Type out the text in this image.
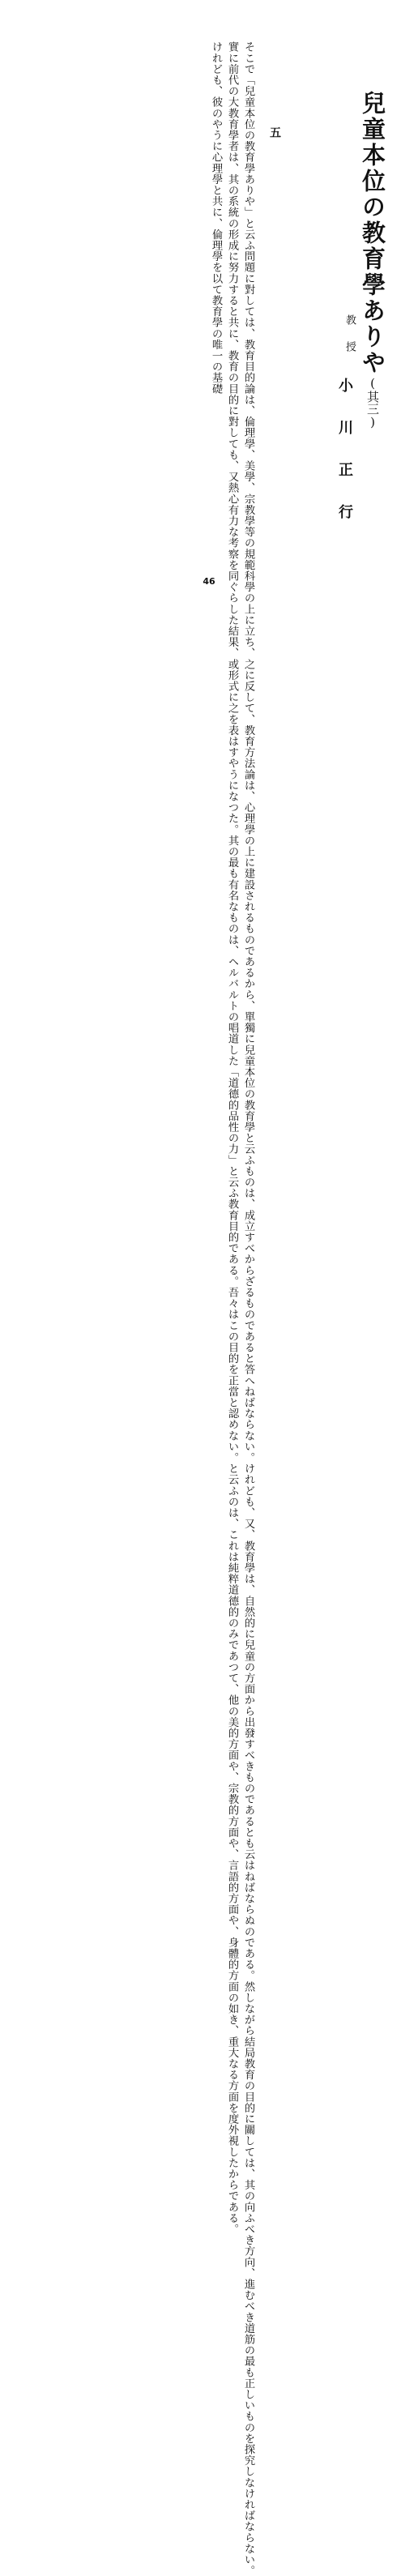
兒童本位の教育學ありや(其三)
教授
小川正行
五
そこで「兒童本位の教育學ありや」と云ふ問題に對しては、教育目的論は、倫理學、美學、宗教學等の規範科學の上に立ち、之に反して、教育方法論は、心理學の上に建設されるものであるから、單獨に兒童本位の教育學と云ふものは、成立すべからざるものであると答へねばならない。けれども、又、教育學は、自然的に兒童の方面から出發すべきものであるとも云はねばならぬのである。然しながら結局教育の目的に關しては、其の向ふべき方向、進むべき道筋の最も正しいものを探究しなければならない。
實に前代の大教育學者は、其の系統の形成に努力すると共に、教育の目的に對しても、又熱心有力な考察を同ぐらした結果、或形式に之を表はすやうになつた。其の最も有名なものは、ヘルバルトの唱道した「道德的品性の力」と云ふ教育目的である。吾々はこの目的を正當と認めない。と云ふのは、これは純粹道德的のみであつて、他の美的方面や、宗教的方面や、言語的方面や、身體的方面の如き、重大なる方面を度外視したからである。
けれども、彼のやうに心理學と共に、倫理學を以て教育學の唯一の基礎
46
